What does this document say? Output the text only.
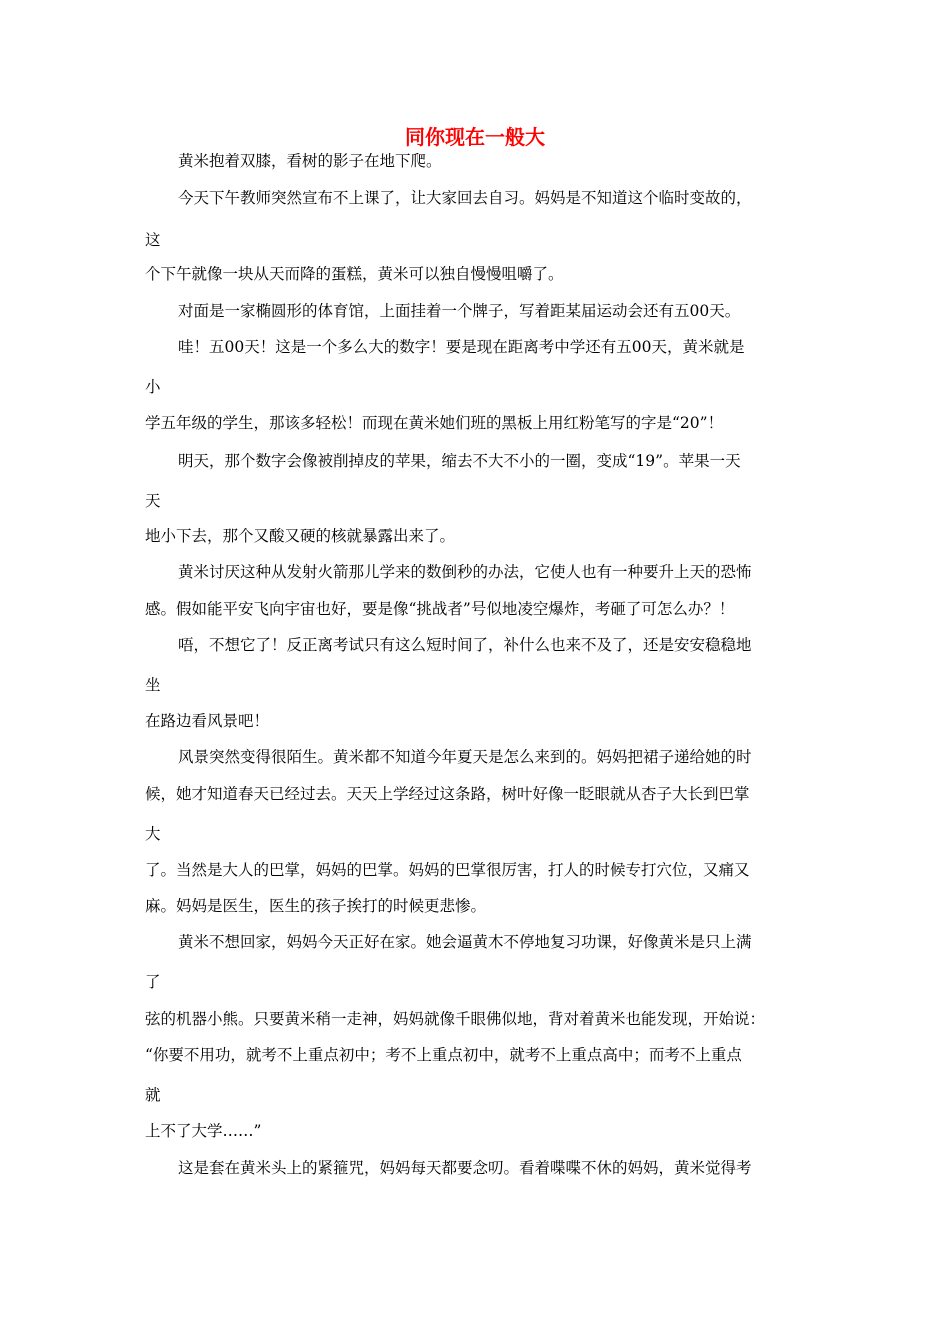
同你现在一般大

黄米抱着双膝，看树的影子在地下爬。

今天下午教师突然宣布不上课了，让大家回去自习。妈妈是不知道这个临时变故的，

这

个下午就像一块从天而降的蛋糕，黄米可以独自慢慢咀嚼了。

对面是一家椭圆形的体育馆，上面挂着一个牌子，写着距某届运动会还有五00天。

哇！五00天！这是一个多么大的数字！要是现在距离考中学还有五00天，黄米就是

小

学五年级的学生，那该多轻松！而现在黄米她们班的黑板上用红粉笔写的字是“20”！

明天，那个数字会像被削掉皮的苹果，缩去不大不小的一圈，变成“19”。苹果一天

天

地小下去，那个又酸又硬的核就暴露出来了。

黄米讨厌这种从发射火箭那儿学来的数倒秒的办法，它使人也有一种要升上天的恐怖

感。假如能平安飞向宇宙也好，要是像“挑战者”号似地凌空爆炸，考砸了可怎么办？！

唔，不想它了！反正离考试只有这么短时间了，补什么也来不及了，还是安安稳稳地

坐

在路边看风景吧！

风景突然变得很陌生。黄米都不知道今年夏天是怎么来到的。妈妈把裙子递给她的时

候，她才知道春天已经过去。天天上学经过这条路，树叶好像一眨眼就从杏子大长到巴掌

大

了。当然是大人的巴掌，妈妈的巴掌。妈妈的巴掌很厉害，打人的时候专打穴位，又痛又

麻。妈妈是医生，医生的孩子挨打的时候更悲惨。

黄米不想回家，妈妈今天正好在家。她会逼黄木不停地复习功课，好像黄米是只上满

了

弦的机器小熊。只要黄米稍一走神，妈妈就像千眼佛似地，背对着黄米也能发现，开始说：

“你要不用功，就考不上重点初中；考不上重点初中，就考不上重点高中；而考不上重点

就

上不了大学……”

这是套在黄米头上的紧箍咒，妈妈每天都要念叨。看着喋喋不休的妈妈，黄米觉得考
